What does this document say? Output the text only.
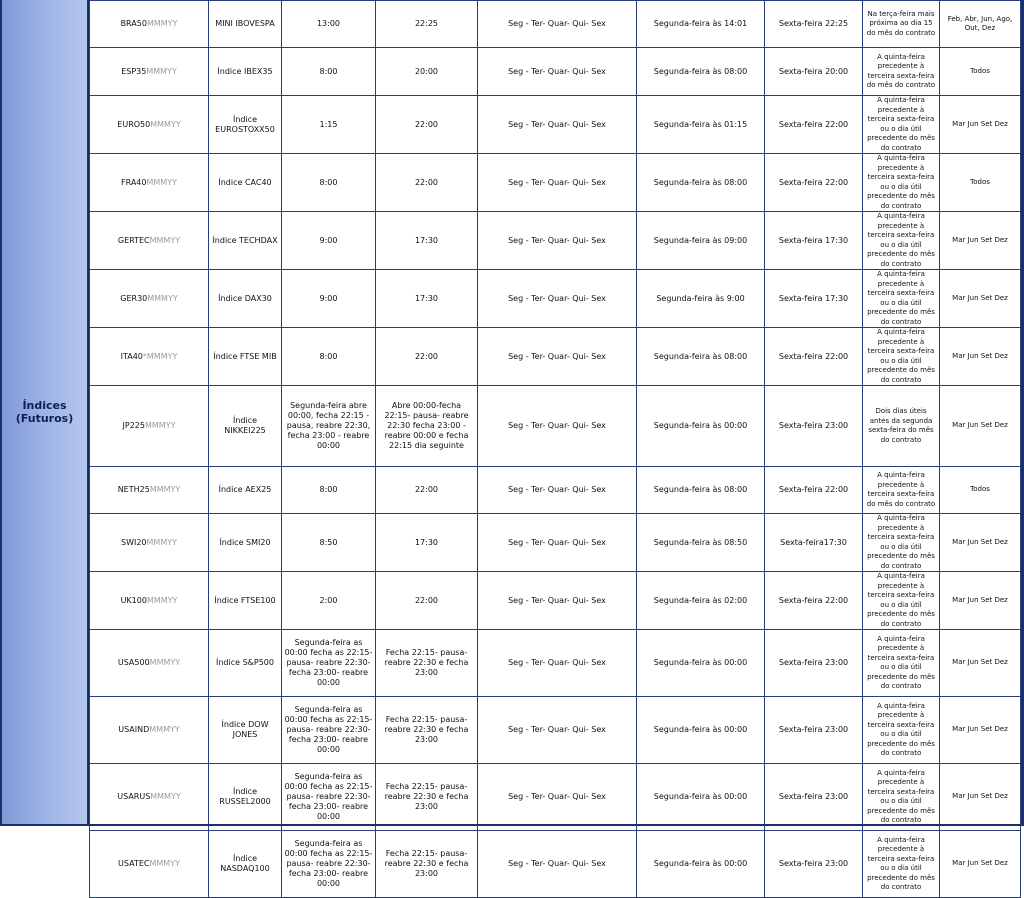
Índices
(Futuros)
BRA50MMMYY	MINI IBOVESPA	13:00	22:25	Seg - Ter- Quar- Qui- Sex	Segunda-feira às 14:01	Sexta-feira 22:25	Na terça-feira mais próxima ao dia 15 do mês do contrato	Feb, Abr, Jun, Ago, Out, Dez
ESP35MMMYY	Índice IBEX35	8:00	20:00	Seg - Ter- Quar- Qui- Sex	Segunda-feira às 08:00	Sexta-feira 20:00	A quinta-feira precedente à terceira sexta-feira do mês do contrato	Todos
EURO50MMMYY	Índice EUROSTOXX50	1:15	22:00	Seg - Ter- Quar- Qui- Sex	Segunda-feira às 01:15	Sexta-feira 22:00	A quinta-feira precedente à terceira sexta-feira ou o dia útil precedente do mês do contrato	Mar Jun Set Dez
FRA40MMMYY	Índice CAC40	8:00	22:00	Seg - Ter- Quar- Qui- Sex	Segunda-feira às 08:00	Sexta-feira 22:00	A quinta-feira precedente à terceira sexta-feira ou o dia útil precedente do mês do contrato	Todos
GERTECMMMYY	Índice TECHDAX	9:00	17:30	Seg - Ter- Quar- Qui- Sex	Segunda-feira às 09:00	Sexta-feira 17:30	A quinta-feira precedente à terceira sexta-feira ou o dia útil precedente do mês do contrato	Mar Jun Set Dez
GER30MMMYY	Índice DAX30	9:00	17:30	Seg - Ter- Quar- Qui- Sex	Segunda-feira às 9:00	Sexta-feira 17:30	A quinta-feira precedente à terceira sexta-feira ou o dia útil precedente do mês do contrato	Mar Jun Set Dez
ITA40*MMMYY	Índice FTSE MIB	8:00	22:00	Seg - Ter- Quar- Qui- Sex	Segunda-feira às 08:00	Sexta-feira 22:00	A quinta-feira precedente à terceira sexta-feira ou o dia útil precedente do mês do contrato	Mar Jun Set Dez
JP225MMMYY	Índice NIKKEI225	Segunda-feira abre 00:00, fecha 22:15 - pausa, reabre 22:30, fecha 23:00 - reabre 00:00	Abre 00:00-fecha 22:15- pausa- reabre 22:30 fecha 23:00 - reabre 00:00 e fecha 22:15 dia seguinte	Seg - Ter- Quar- Qui- Sex	Segunda-feira às 00:00	Sexta-feira 23:00	Dois dias úteis antes da segunda sexta-feira do mês do contrato	Mar Jun Set Dez
NETH25MMMYY	Índice AEX25	8:00	22:00	Seg - Ter- Quar- Qui- Sex	Segunda-feira às 08:00	Sexta-feira 22:00	A quinta-feira precedente à terceira sexta-feira do mês do contrato	Todos
SWI20MMMYY	Índice SMI20	8:50	17:30	Seg - Ter- Quar- Qui- Sex	Segunda-feira às 08:50	Sexta-feira17:30	A quinta-feira precedente à terceira sexta-feira ou o dia útil precedente do mês do contrato	Mar Jun Set Dez
UK100MMMYY	Índice FTSE100	2:00	22:00	Seg - Ter- Quar- Qui- Sex	Segunda-feira às 02:00	Sexta-feira 22:00	A quinta-feira precedente à terceira sexta-feira ou o dia útil precedente do mês do contrato	Mar Jun Set Dez
USA500MMMYY	Índice S&P500	Segunda-feira as 00:00 fecha as 22:15- pausa- reabre 22:30- fecha 23:00- reabre 00:00	Fecha 22:15- pausa- reabre 22:30 e fecha 23:00	Seg - Ter- Quar- Qui- Sex	Segunda-feira às 00:00	Sexta-feira 23:00	A quinta-feira precedente à terceira sexta-feira ou o dia útil precedente do mês do contrato	Mar Jun Set Dez
USAINDMMMYY	Índice DOW JONES	Segunda-feira as 00:00 fecha as 22:15- pausa- reabre 22:30- fecha 23:00- reabre 00:00	Fecha 22:15- pausa- reabre 22:30 e fecha 23:00	Seg - Ter- Quar- Qui- Sex	Segunda-feira às 00:00	Sexta-feira 23:00	A quinta-feira precedente à terceira sexta-feira ou o dia útil precedente do mês do contrato	Mar Jun Set Dez
USARUSMMMYY	Índice RUSSEL2000	Segunda-feira as 00:00 fecha as 22:15- pausa- reabre 22:30- fecha 23:00- reabre 00:00	Fecha 22:15- pausa- reabre 22:30 e fecha 23:00	Seg - Ter- Quar- Qui- Sex	Segunda-feira às 00:00	Sexta-feira 23:00	A quinta-feira precedente à terceira sexta-feira ou o dia útil precedente do mês do contrato	Mar Jun Set Dez
USATECMMMYY	Índice NASDAQ100	Segunda-feira as 00:00 fecha as 22:15- pausa- reabre 22:30- fecha 23:00- reabre 00:00	Fecha 22:15- pausa- reabre 22:30 e fecha 23:00	Seg - Ter- Quar- Qui- Sex	Segunda-feira às 00:00	Sexta-feira 23:00	A quinta-feira precedente à terceira sexta-feira ou o dia útil precedente do mês do contrato	Mar Jun Set Dez
